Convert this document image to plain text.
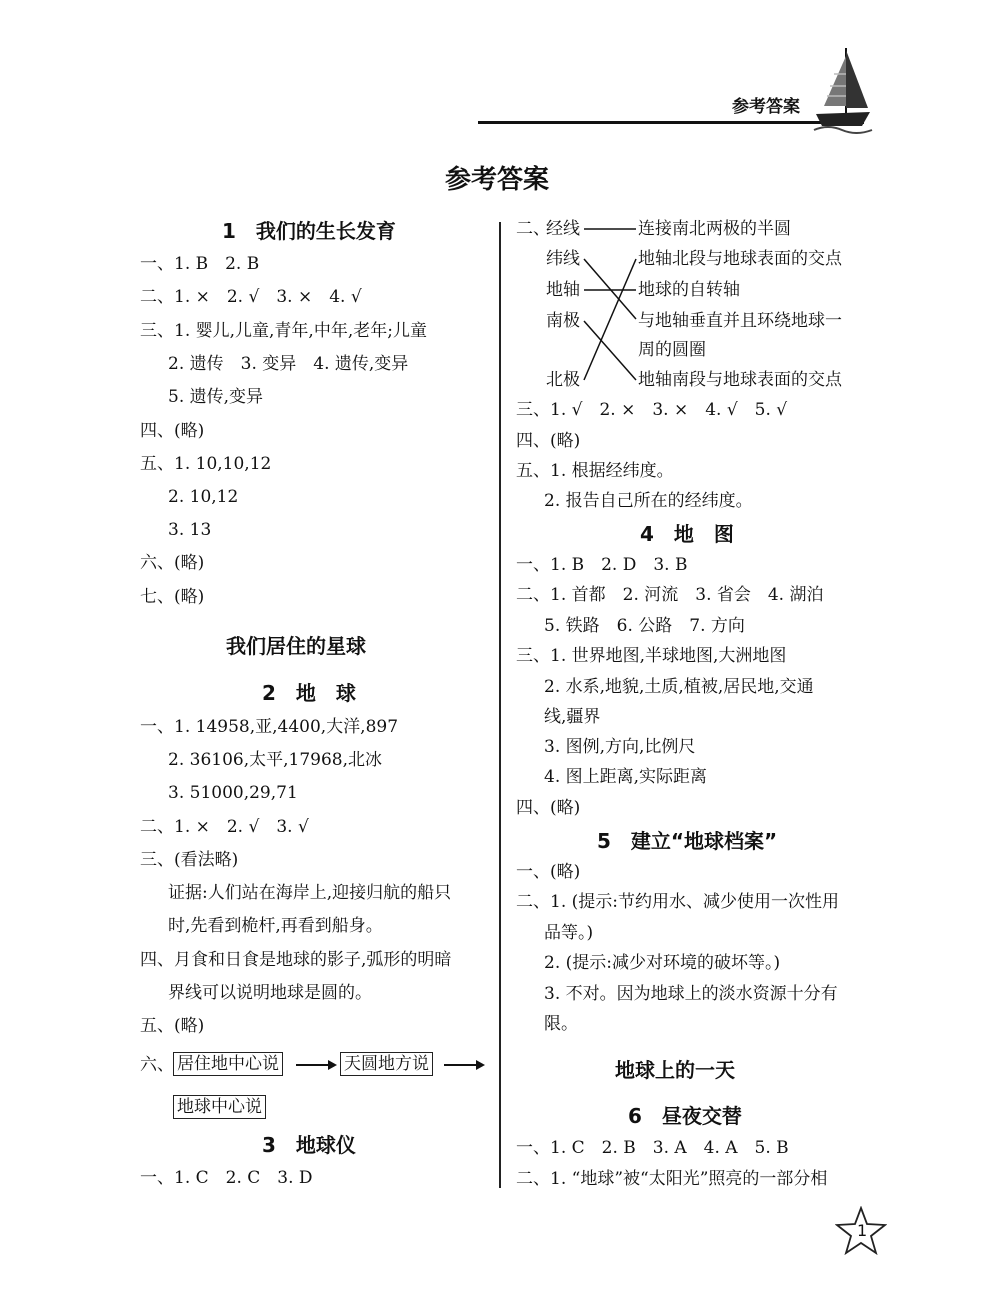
参考答案
参考答案
1　我们的生长发育
一、1. B　2. B
二、1. ×　2. √　3. ×　4. √
三、1. 婴儿,儿童,青年,中年,老年;儿童
2. 遗传　3. 变异　4. 遗传,变异
5. 遗传,变异
四、(略)
五、1. 10,10,12
2. 10,12
3. 13
六、(略)
七、(略)
我们居住的星球
2　地　球
一、1. 14958,亚,4400,大洋,897
2. 36106,太平,17968,北冰
3. 51000,29,71
二、1. ×　2. √　3. √
三、(看法略)
证据:人们站在海岸上,迎接归航的船只
时,先看到桅杆,再看到船身。
四、月食和日食是地球的影子,弧形的明暗
界线可以说明地球是圆的。
五、(略)
六、 居住地中心说	天圆地方说
地球中心说
3　地球仪
一、1. C　2. C　3. D
二、
经线
纬线
地轴
南极
北极
连接南北两极的半圆
地轴北段与地球表面的交点
地球的自转轴
与地轴垂直并且环绕地球一
周的圆圈
地轴南段与地球表面的交点
三、1. √　2. ×　3. ×　4. √　5. √
四、(略)
五、1. 根据经纬度。
2. 报告自己所在的经纬度。
4　地　图
一、1. B　2. D　3. B
二、1. 首都　2. 河流　3. 省会　4. 湖泊
5. 铁路　6. 公路　7. 方向
三、1. 世界地图,半球地图,大洲地图
2. 水系,地貌,土质,植被,居民地,交通
线,疆界
3. 图例,方向,比例尺
4. 图上距离,实际距离
四、(略)
5　建立“地球档案”
一、(略)
二、1. (提示:节约用水、减少使用一次性用
品等。)
2. (提示:减少对环境的破坏等。)
3. 不对。因为地球上的淡水资源十分有
限。
地球上的一天
6　昼夜交替
一、1. C　2. B　3. A　4. A　5. B
二、1. “地球”被“太阳光”照亮的一部分相
1
